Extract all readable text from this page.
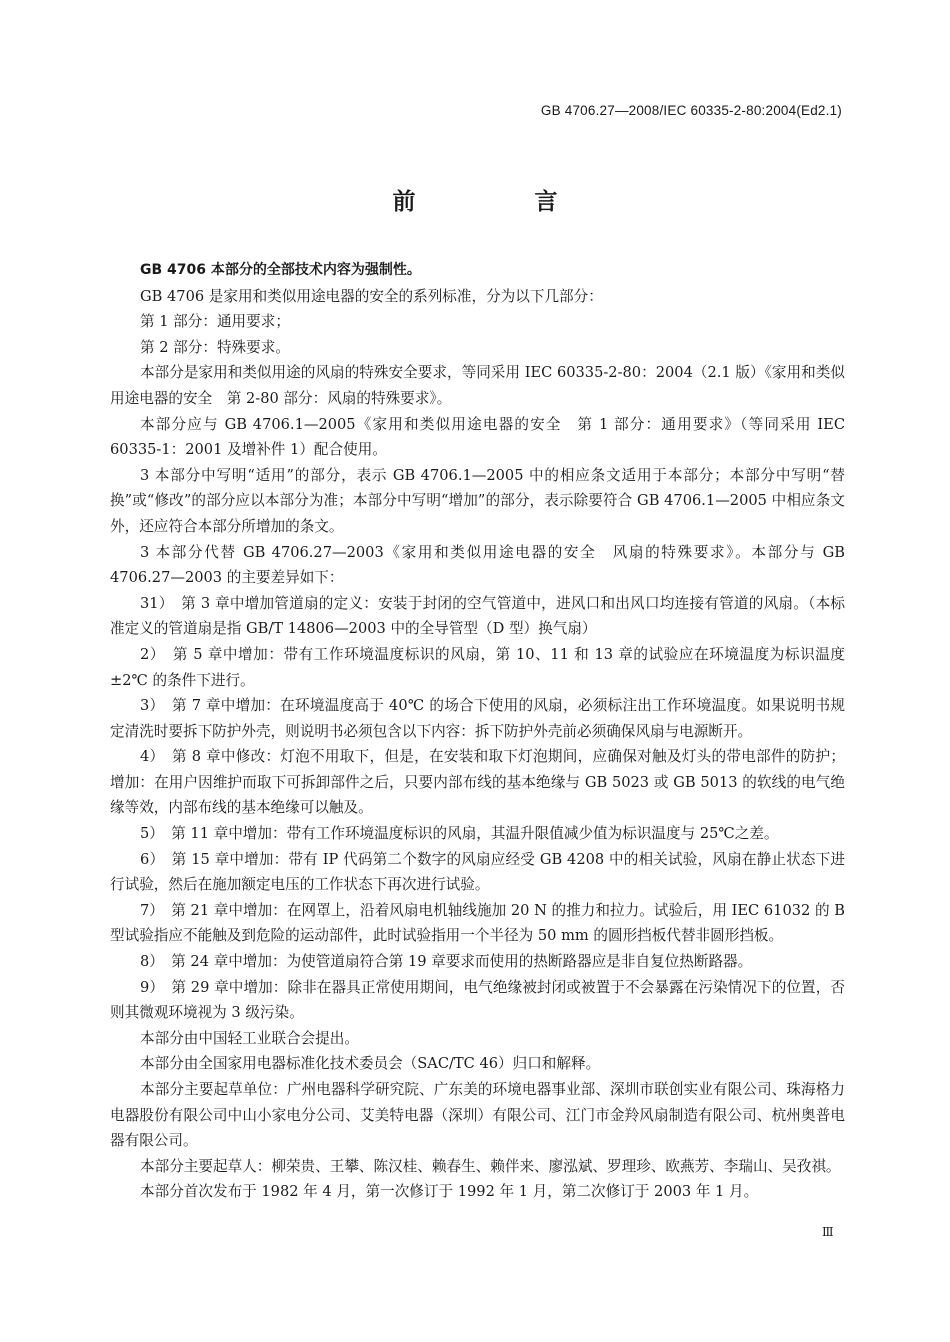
GB 4706.27—2008/IEC 60335-2-80:2004(Ed2.1)
前　言

GB 4706 本部分的全部技术内容为强制性。

GB 4706 是家用和类似用途电器的安全的系列标准，分为以下几部分：

第 1 部分：通用要求；

第 2 部分：特殊要求。

本部分是家用和类似用途的风扇的特殊安全要求，等同采用 IEC 60335-2-80：2004（2.1 版）《家用和类似用途电器的安全　第 2-80 部分：风扇的特殊要求》。

本部分应与 GB 4706.1—2005《家用和类似用途电器的安全　第 1 部分：通用要求》（等同采用 IEC 60335-1：2001 及增补件 1）配合使用。

3 本部分中写明“适用”的部分，表示 GB 4706.1—2005 中的相应条文适用于本部分；本部分中写明“替换”或“修改”的部分应以本部分为准；本部分中写明“增加”的部分，表示除要符合 GB 4706.1—2005 中相应条文外，还应符合本部分所增加的条文。

3 本部分代替 GB 4706.27—2003《家用和类似用途电器的安全　风扇的特殊要求》。本部分与 GB 4706.27—2003 的主要差异如下：

31）　第 3 章中增加管道扇的定义：安装于封闭的空气管道中，进风口和出风口均连接有管道的风扇。（本标准定义的管道扇是指 GB/T 14806—2003 中的全导管型（D 型）换气扇）

2）　第 5 章中增加：带有工作环境温度标识的风扇，第 10、11 和 13 章的试验应在环境温度为标识温度±2℃ 的条件下进行。

3）　第 7 章中增加：在环境温度高于 40℃ 的场合下使用的风扇，必须标注出工作环境温度。如果说明书规定清洗时要拆下防护外壳，则说明书必须包含以下内容：拆下防护外壳前必须确保风扇与电源断开。

4）　第 8 章中修改：灯泡不用取下，但是，在安装和取下灯泡期间，应确保对触及灯头的带电部件的防护；增加：在用户因维护而取下可拆卸部件之后，只要内部布线的基本绝缘与 GB 5023 或 GB 5013 的软线的电气绝缘等效，内部布线的基本绝缘可以触及。

5）　第 11 章中增加：带有工作环境温度标识的风扇，其温升限值减少值为标识温度与 25℃之差。

6）　第 15 章中增加：带有 IP 代码第二个数字的风扇应经受 GB 4208 中的相关试验，风扇在静止状态下进行试验，然后在施加额定电压的工作状态下再次进行试验。

7）　第 21 章中增加：在网罩上，沿着风扇电机轴线施加 20 N 的推力和拉力。试验后，用 IEC 61032 的 B 型试验指应不能触及到危险的运动部件，此时试验指用一个半径为 50 mm 的圆形挡板代替非圆形挡板。

8）　第 24 章中增加：为使管道扇符合第 19 章要求而使用的热断路器应是非自复位热断路器。

9）　第 29 章中增加：除非在器具正常使用期间，电气绝缘被封闭或被置于不会暴露在污染情况下的位置，否则其微观环境视为 3 级污染。

本部分由中国轻工业联合会提出。

本部分由全国家用电器标准化技术委员会（SAC/TC 46）归口和解释。

本部分主要起草单位：广州电器科学研究院、广东美的环境电器事业部、深圳市联创实业有限公司、珠海格力电器股份有限公司中山小家电分公司、艾美特电器（深圳）有限公司、江门市金羚风扇制造有限公司、杭州奥普电器有限公司。

本部分主要起草人：柳荣贵、王攀、陈汉桂、赖春生、赖伴来、廖泓斌、罗理珍、欧燕芳、李瑞山、吴孜祺。

本部分首次发布于 1982 年 4 月，第一次修订于 1992 年 1 月，第二次修订于 2003 年 1 月。

Ⅲ
